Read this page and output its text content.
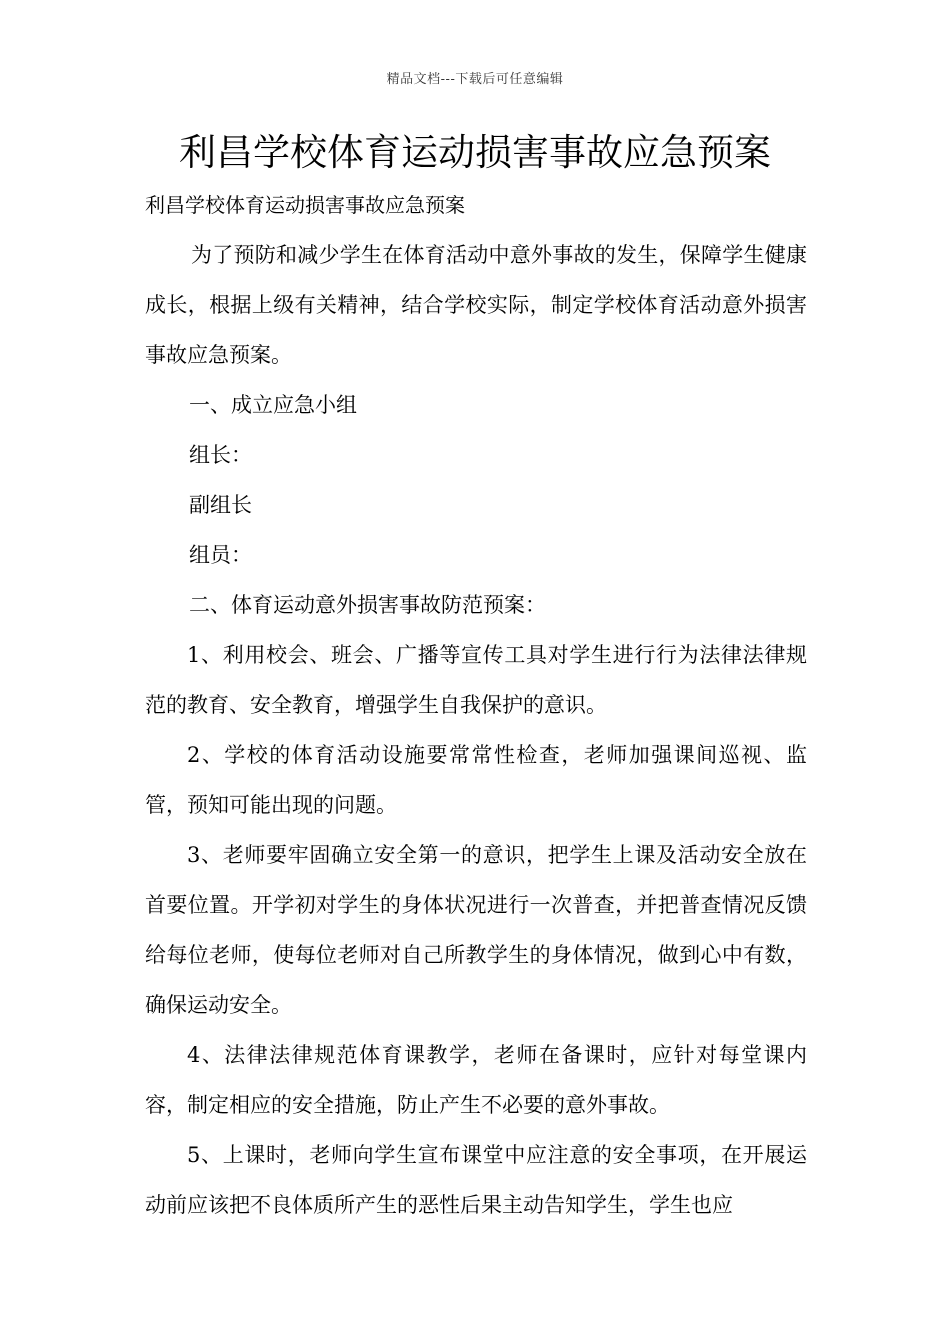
精品文档---下载后可任意编辑
利昌学校体育运动损害事故应急预案

利昌学校体育运动损害事故应急预案

为了预防和减少学生在体育活动中意外事故的发生，保障学生健康成长，根据上级有关精神，结合学校实际，制定学校体育活动意外损害事故应急预案。

一、成立应急小组

组长：

副组长

组员：

二、体育运动意外损害事故防范预案：

1、利用校会、班会、广播等宣传工具对学生进行行为法律法律规范的教育、安全教育，增强学生自我保护的意识。

2、学校的体育活动设施要常常性检查，老师加强课间巡视、监管，预知可能出现的问题。

3、老师要牢固确立安全第一的意识，把学生上课及活动安全放在首要位置。开学初对学生的身体状况进行一次普查，并把普查情况反馈给每位老师，使每位老师对自己所教学生的身体情况，做到心中有数，确保运动安全。

4、法律法律规范体育课教学，老师在备课时，应针对每堂课内容，制定相应的安全措施，防止产生不必要的意外事故。

5、上课时，老师向学生宣布课堂中应注意的安全事项，在开展运动前应该把不良体质所产生的恶性后果主动告知学生，学生也应
